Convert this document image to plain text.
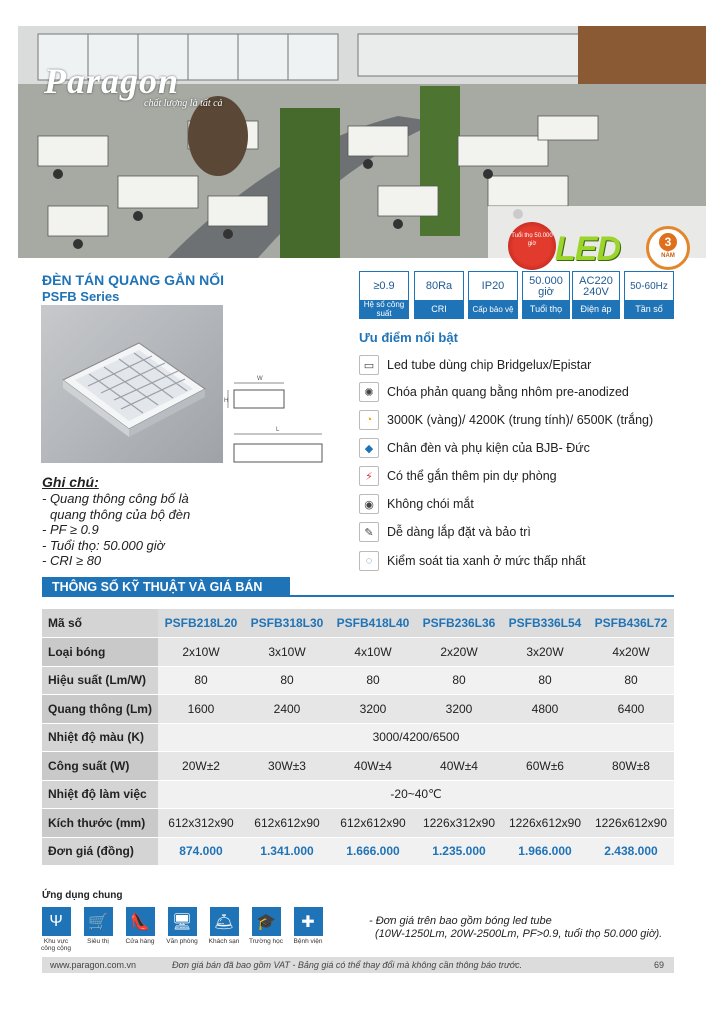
Paragon
chất lượng là tất cả
Tuổi thọ 50.000 giờ LED	3
NĂM
ĐÈN TÁN QUANG GẮN NỔI
PSFB Series
≥0.9
Hệ số công suất
80Ra
CRI
IP20
Cấp bảo vệ
50.000 giờ
Tuổi thọ
AC220 240V
Điện áp
50-60Hz
Tần số
W
H
L
Ghi chú:
- Quang thông công bố là
quang thông của bộ đèn
- PF ≥ 0.9
- Tuổi thọ: 50.000 giờ
- CRI ≥ 80
Ưu điểm nổi bật
▭	Led tube dùng chip Bridgelux/Epistar
✺	Chóa phản quang bằng nhôm pre-anodized
◔	3000K (vàng)/ 4200K (trung tính)/ 6500K (trắng)
◆	Chân đèn và phụ kiện của BJB- Đức
⚡	Có thể gắn thêm pin dự phòng
◉	Không chói mắt
✎	Dễ dàng lắp đặt và bảo trì
◌	Kiểm soát tia xanh ở mức thấp nhất
THÔNG SỐ KỸ THUẬT VÀ GIÁ BÁN
Mã số	PSFB218L20	PSFB318L30	PSFB418L40	PSFB236L36	PSFB336L54	PSFB436L72
Loại bóng	2x10W	3x10W	4x10W	2x20W	3x20W	4x20W
Hiệu suất (Lm/W)	80	80	80	80	80	80
Quang thông (Lm)	1600	2400	3200	3200	4800	6400
Nhiệt độ màu (K)	3000/4200/6500					
Công suất (W)	20W±2	30W±3	40W±4	40W±4	60W±6	80W±8
Nhiệt độ làm việc	-20~40℃					
Kích thước (mm)	612x312x90	612x612x90	612x612x90	1226x312x90	1226x612x90	1226x612x90
Đơn giá (đồng)	874.000	1.341.000	1.666.000	1.235.000	1.966.000	2.438.000
Ứng dụng chung
Ψ
Khu vực công cộng
🛒
Siêu thị
👠
Cửa hàng
🖥
Văn phòng
🛎
Khách sạn
🎓
Trường học
✚
Bệnh viện
- Đơn giá trên bao gồm bóng led tube
(10W-1250Lm, 20W-2500Lm, PF>0.9, tuổi thọ 50.000 giờ).
www.paragon.com.vn	Đơn giá bán đã bao gồm VAT - Bảng giá có thể thay đổi mà không cần thông báo trước.	69
